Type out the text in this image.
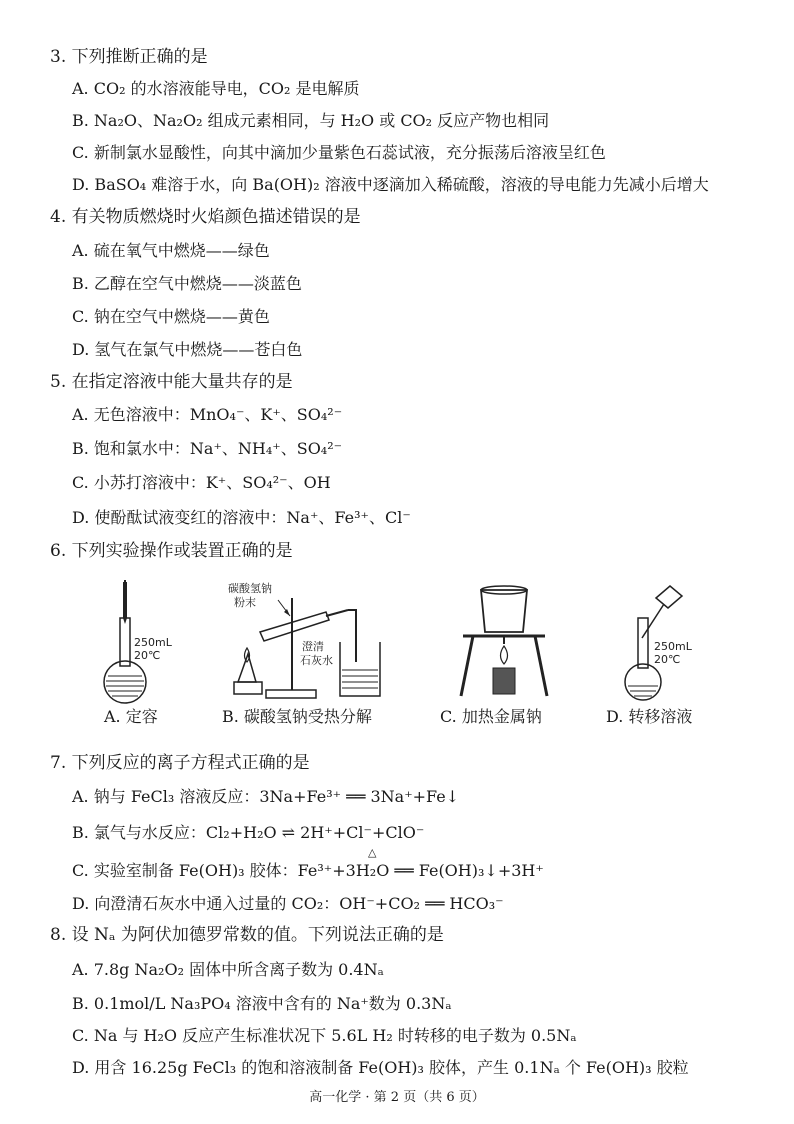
3. 下列推断正确的是
A. CO₂ 的水溶液能导电，CO₂ 是电解质
B. Na₂O、Na₂O₂ 组成元素相同，与 H₂O 或 CO₂ 反应产物也相同
C. 新制氯水显酸性，向其中滴加少量紫色石蕊试液，充分振荡后溶液呈红色
D. BaSO₄ 难溶于水，向 Ba(OH)₂ 溶液中逐滴加入稀硫酸，溶液的导电能力先减小后增大
4. 有关物质燃烧时火焰颜色描述错误的是
A. 硫在氧气中燃烧——绿色
B. 乙醇在空气中燃烧——淡蓝色
C. 钠在空气中燃烧——黄色
D. 氢气在氯气中燃烧——苍白色
5. 在指定溶液中能大量共存的是
A. 无色溶液中：MnO₄⁻、K⁺、SO₄²⁻
B. 饱和氯水中：Na⁺、NH₄⁺、SO₄²⁻
C. 小苏打溶液中：K⁺、SO₄²⁻、OH
D. 使酚酞试液变红的溶液中：Na⁺、Fe³⁺、Cl⁻
6. 下列实验操作或装置正确的是
250mL
20℃
碳酸氢钠
粉末
澄清
石灰水
250mL
20℃
A. 定容	B. 碳酸氢钠受热分解	C. 加热金属钠	D. 转移溶液
7. 下列反应的离子方程式正确的是
A. 钠与 FeCl₃ 溶液反应：3Na+Fe³⁺ ══ 3Na⁺+Fe↓
B. 氯气与水反应：Cl₂+H₂O ⇌ 2H⁺+Cl⁻+ClO⁻
△
C. 实验室制备 Fe(OH)₃ 胶体：Fe³⁺+3H₂O ══ Fe(OH)₃↓+3H⁺
D. 向澄清石灰水中通入过量的 CO₂：OH⁻+CO₂ ══ HCO₃⁻
8. 设 Nₐ 为阿伏加德罗常数的值。下列说法正确的是
A. 7.8g Na₂O₂ 固体中所含离子数为 0.4Nₐ
B. 0.1mol/L Na₃PO₄ 溶液中含有的 Na⁺数为 0.3Nₐ
C. Na 与 H₂O 反应产生标准状况下 5.6L H₂ 时转移的电子数为 0.5Nₐ
D. 用含 16.25g FeCl₃ 的饱和溶液制备 Fe(OH)₃ 胶体，产生 0.1Nₐ 个 Fe(OH)₃ 胶粒
高一化学 · 第 2 页（共 6 页）
